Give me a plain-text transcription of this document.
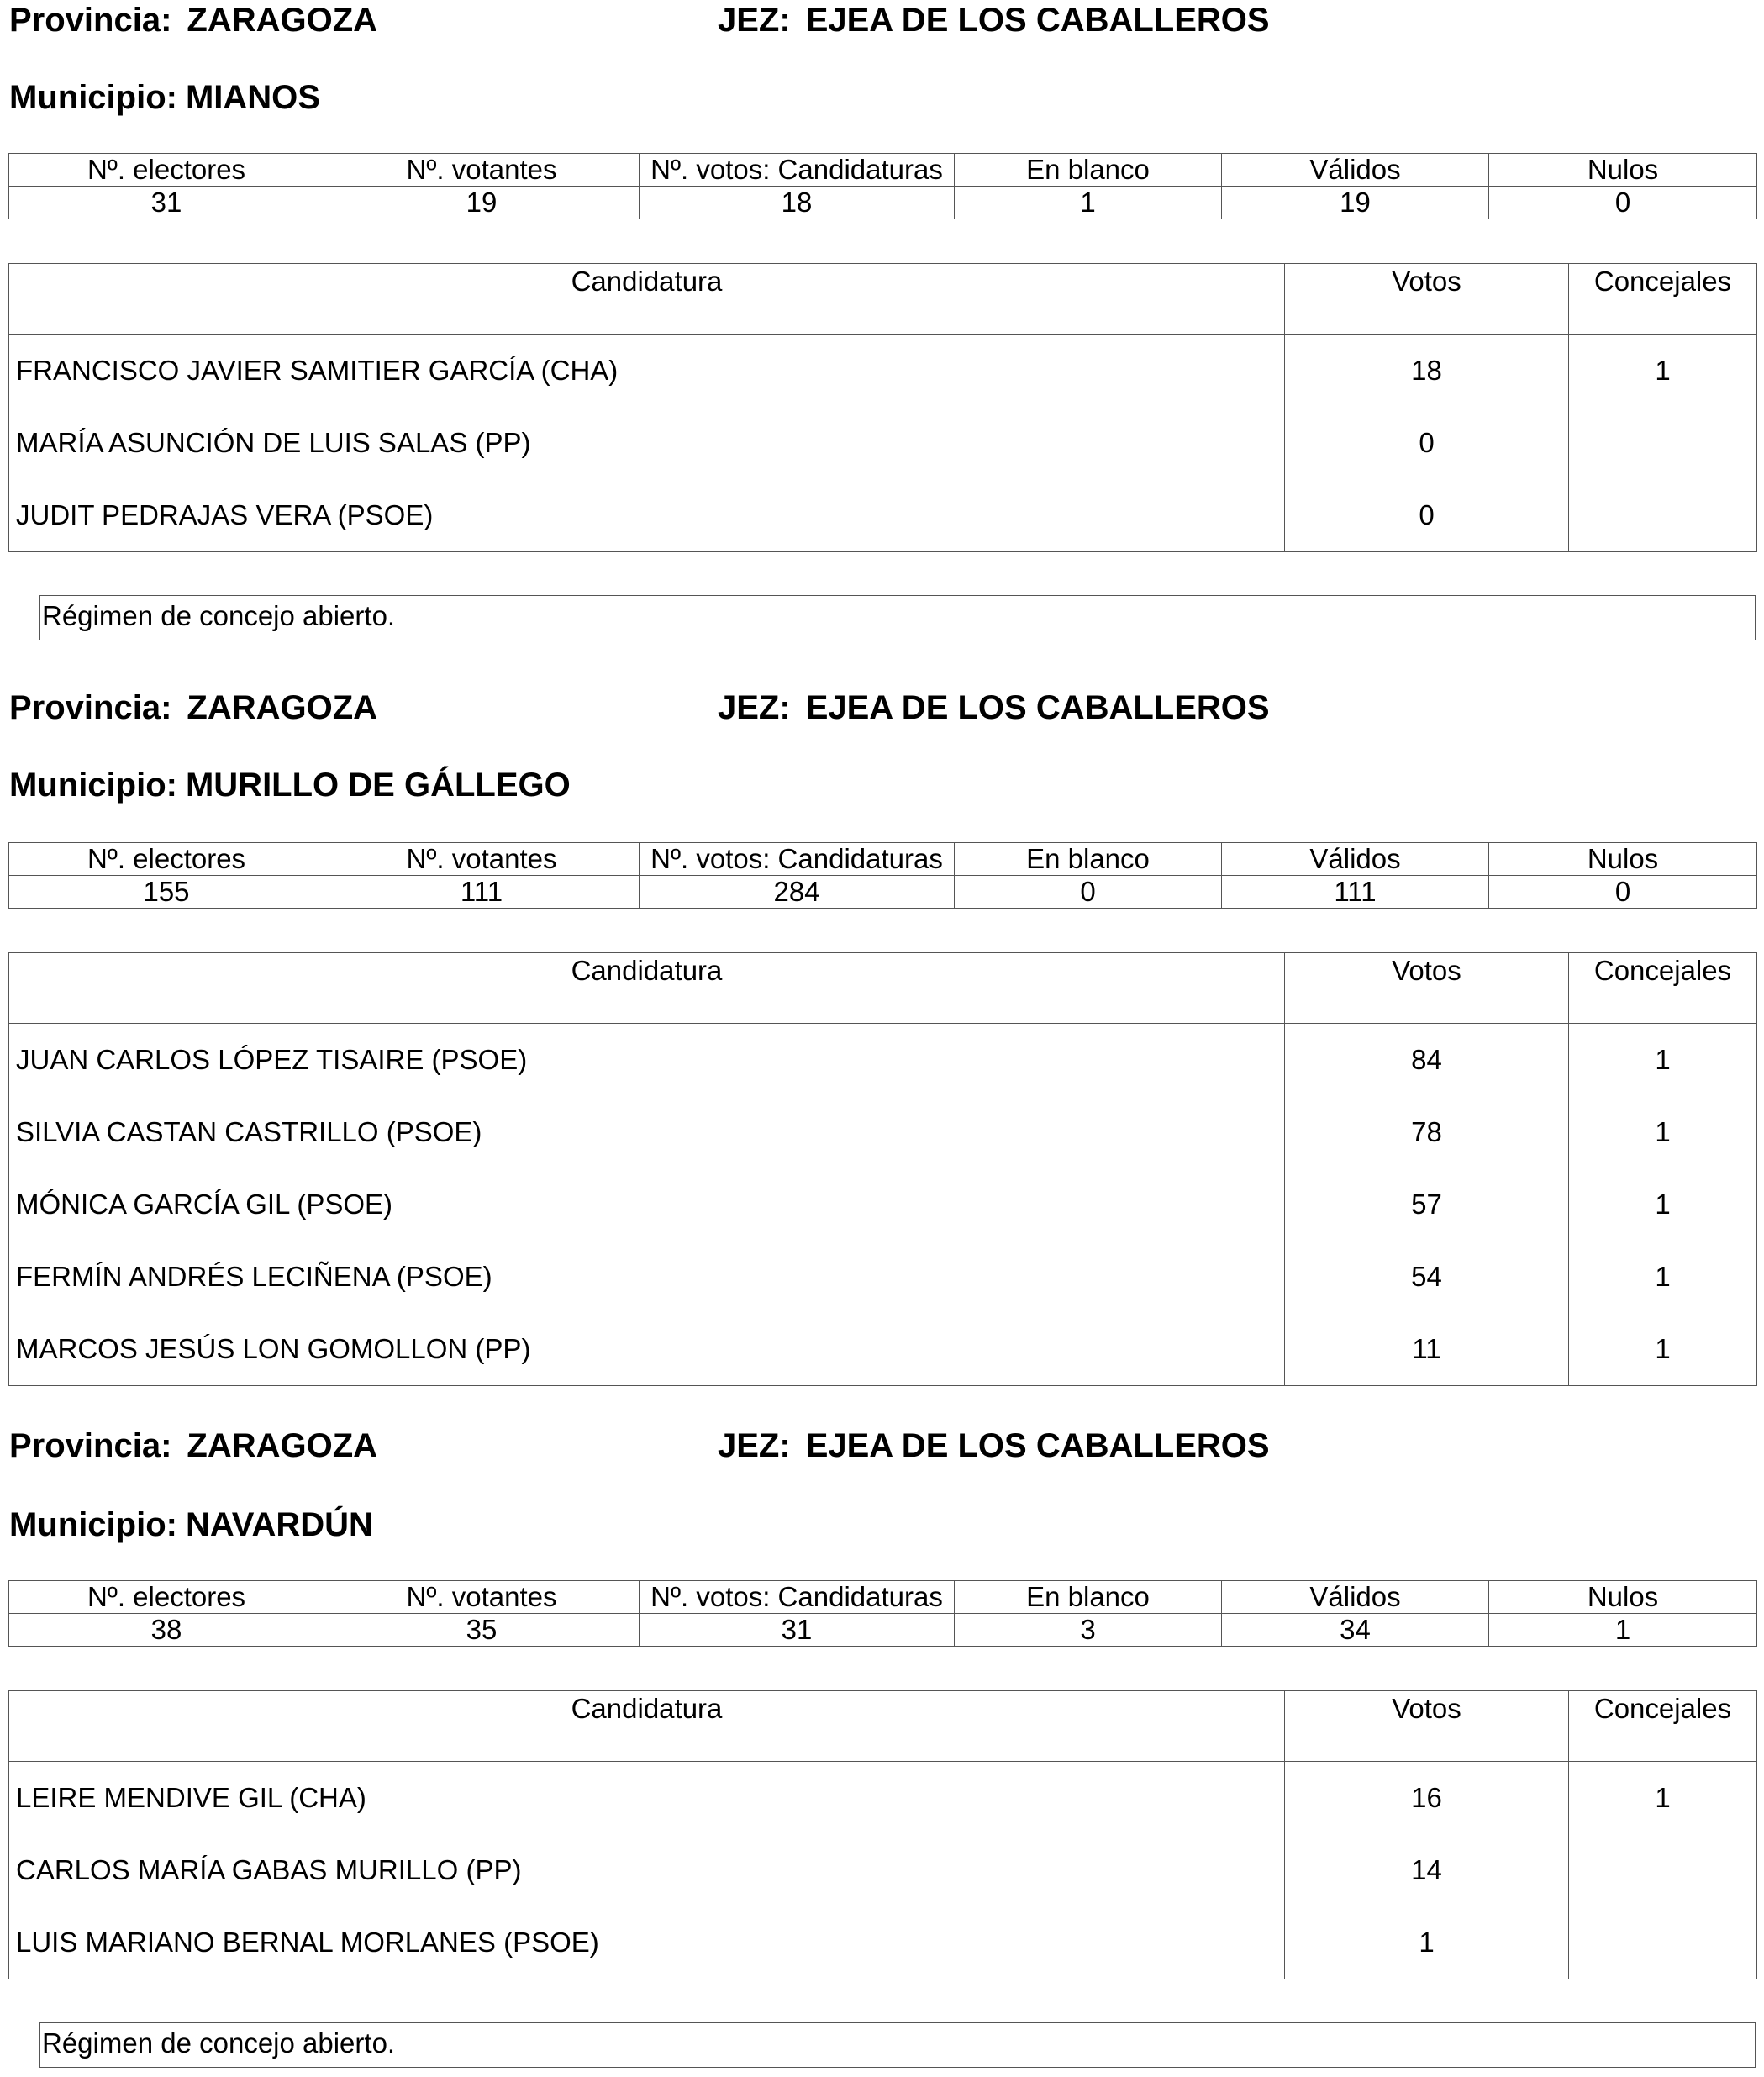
Provincia: ZARAGOZA	JEZ: EJEA DE LOS CABALLEROS
Municipio: MIANOS
Nº. electores	Nº. votantes	Nº. votos: Candidaturas	En blanco	Válidos	Nulos
31	19	18	1	19	0
Candidatura	Votos	Concejales
FRANCISCO JAVIER SAMITIER GARCÍA (CHA)	18	1
MARÍA ASUNCIÓN DE LUIS SALAS (PP)	0	
JUDIT PEDRAJAS VERA (PSOE)	0	
Régimen de concejo abierto.
Provincia: ZARAGOZA	JEZ: EJEA DE LOS CABALLEROS
Municipio: MURILLO DE GÁLLEGO
Nº. electores	Nº. votantes	Nº. votos: Candidaturas	En blanco	Válidos	Nulos
155	111	284	0	111	0
Candidatura	Votos	Concejales
JUAN CARLOS LÓPEZ TISAIRE (PSOE)	84	1
SILVIA CASTAN CASTRILLO (PSOE)	78	1
MÓNICA GARCÍA GIL (PSOE)	57	1
FERMÍN ANDRÉS LECIÑENA (PSOE)	54	1
MARCOS JESÚS LON GOMOLLON (PP)	11	1
Provincia: ZARAGOZA	JEZ: EJEA DE LOS CABALLEROS
Municipio: NAVARDÚN
Nº. electores	Nº. votantes	Nº. votos: Candidaturas	En blanco	Válidos	Nulos
38	35	31	3	34	1
Candidatura	Votos	Concejales
LEIRE MENDIVE GIL (CHA)	16	1
CARLOS MARÍA GABAS MURILLO (PP)	14	
LUIS MARIANO BERNAL MORLANES (PSOE)	1	
Régimen de concejo abierto.
